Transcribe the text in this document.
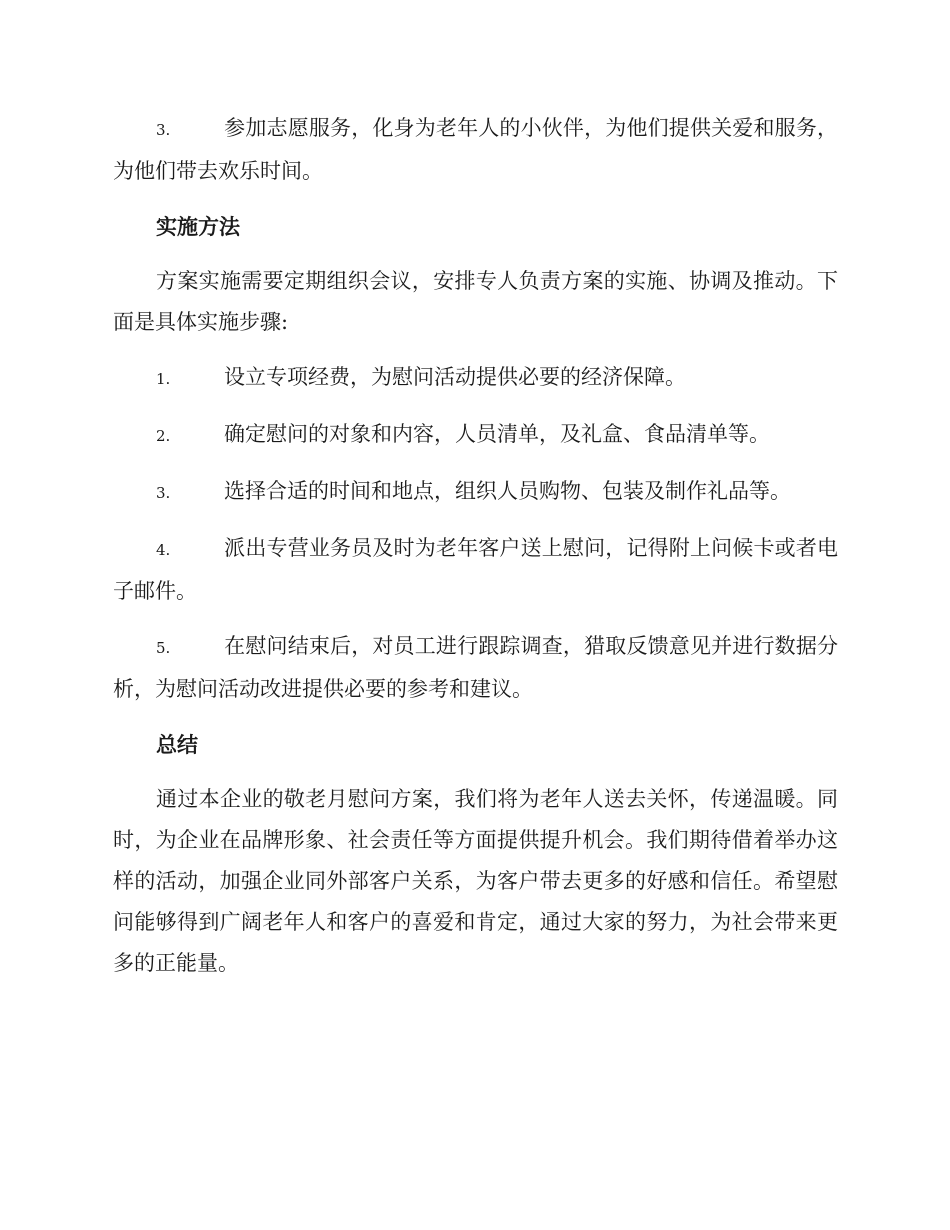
3.	参加志愿服务，化身为老年人的小伙伴，为他们提供关爱和服务，为他们带去欢乐时间。

实施方法

方案实施需要定期组织会议，安排专人负责方案的实施、协调及推动。下面是具体实施步骤:

1.	设立专项经费，为慰问活动提供必要的经济保障。

2.	确定慰问的对象和内容，人员清单，及礼盒、食品清单等。

3.	选择合适的时间和地点，组织人员购物、包装及制作礼品等。

4.	派出专营业务员及时为老年客户送上慰问，记得附上问候卡或者电子邮件。

5.	在慰问结束后，对员工进行跟踪调查，猎取反馈意见并进行数据分析，为慰问活动改进提供必要的参考和建议。

总结

通过本企业的敬老月慰问方案，我们将为老年人送去关怀，传递温暖。同时，为企业在品牌形象、社会责任等方面提供提升机会。我们期待借着举办这样的活动，加强企业同外部客户关系，为客户带去更多的好感和信任。希望慰问能够得到广阔老年人和客户的喜爱和肯定，通过大家的努力，为社会带来更多的正能量。
